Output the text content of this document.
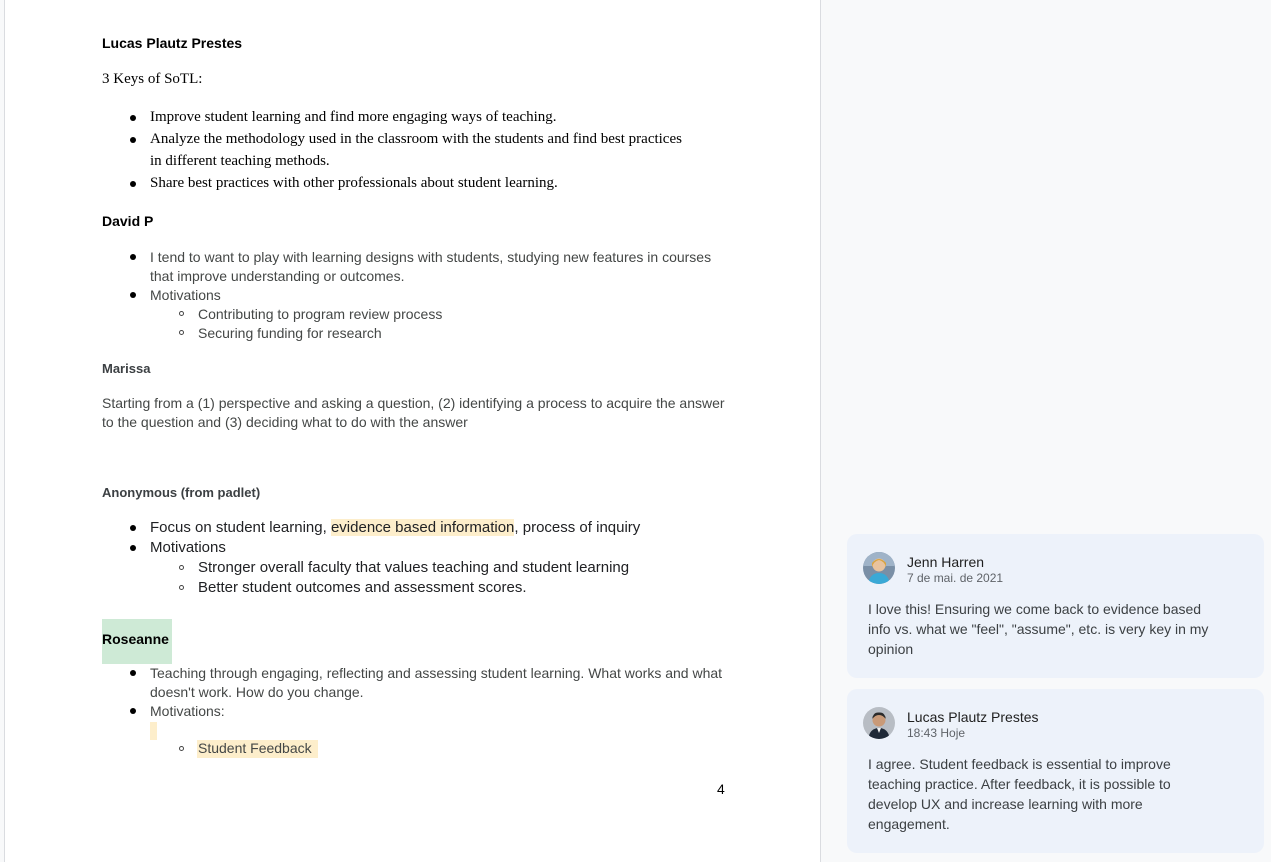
Lucas Plautz Prestes
3 Keys of SoTL:
Improve student learning and find more engaging ways of teaching.
Analyze the methodology used in the classroom with the students and find best practices
in different teaching methods.
Share best practices with other professionals about student learning.
David P
I tend to want to play with learning designs with students, studying new features in courses
that improve understanding or outcomes.
Motivations
Contributing to program review process
Securing funding for research
Marissa
Starting from a (1) perspective and asking a question, (2) identifying a process to acquire the answer
to the question and (3) deciding what to do with the answer
Anonymous (from padlet)
Focus on student learning, evidence based information, process of inquiry
Motivations
Stronger overall faculty that values teaching and student learning
Better student outcomes and assessment scores.
Roseanne
Teaching through engaging, reflecting and assessing student learning. What works and what
doesn't work. How do you change.
Motivations:
Student Feedback
4
Jenn Harren
7 de mai. de 2021
I love this! Ensuring we come back to evidence based info vs. what we "feel", "assume", etc. is very key in my opinion
Lucas Plautz Prestes
18:43 Hoje
I agree. Student feedback is essential to improve teaching practice. After feedback, it is possible to develop UX and increase learning with more engagement.
